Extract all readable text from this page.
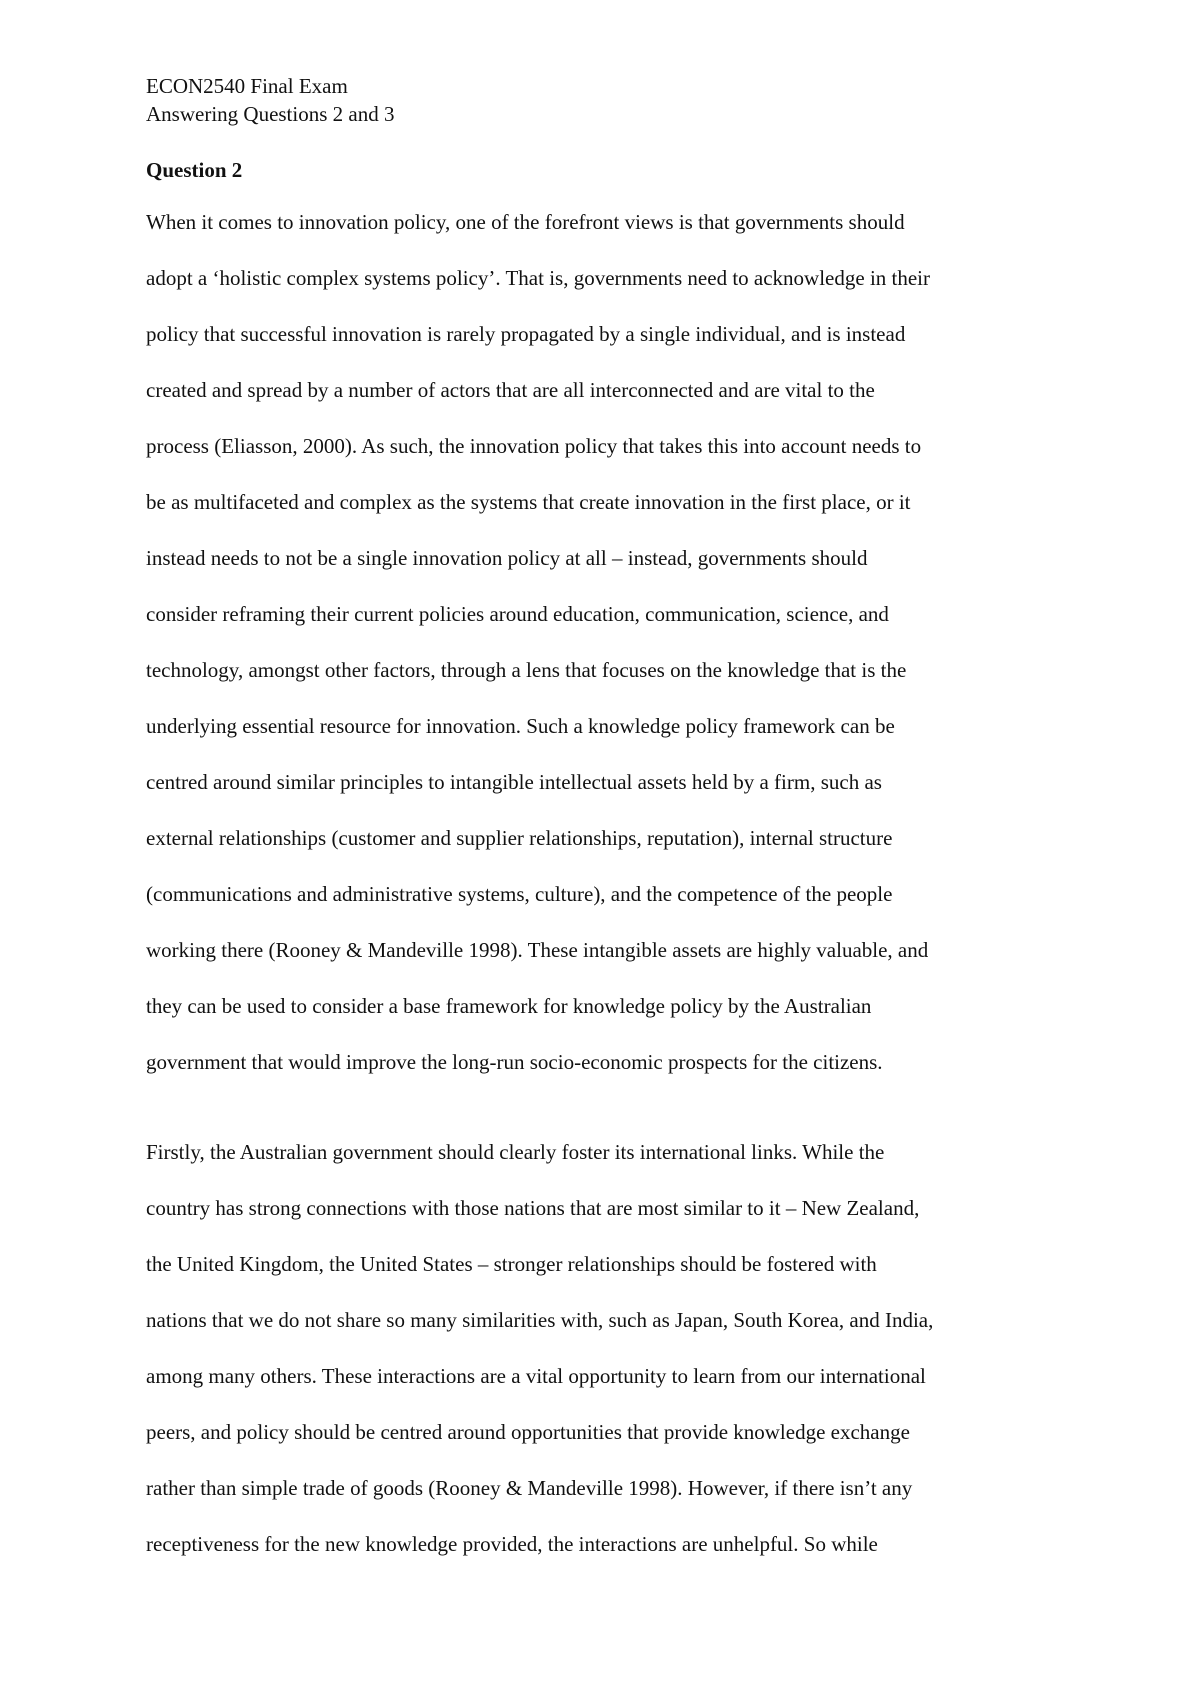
ECON2540 Final Exam
Answering Questions 2 and 3
Question 2
When it comes to innovation policy, one of the forefront views is that governments should
adopt a ‘holistic complex systems policy’. That is, governments need to acknowledge in their
policy that successful innovation is rarely propagated by a single individual, and is instead
created and spread by a number of actors that are all interconnected and are vital to the
process (Eliasson, 2000). As such, the innovation policy that takes this into account needs to
be as multifaceted and complex as the systems that create innovation in the first place, or it
instead needs to not be a single innovation policy at all – instead, governments should
consider reframing their current policies around education, communication, science, and
technology, amongst other factors, through a lens that focuses on the knowledge that is the
underlying essential resource for innovation. Such a knowledge policy framework can be
centred around similar principles to intangible intellectual assets held by a firm, such as
external relationships (customer and supplier relationships, reputation), internal structure
(communications and administrative systems, culture), and the competence of the people
working there (Rooney & Mandeville 1998). These intangible assets are highly valuable, and
they can be used to consider a base framework for knowledge policy by the Australian
government that would improve the long-run socio-economic prospects for the citizens.
Firstly, the Australian government should clearly foster its international links. While the
country has strong connections with those nations that are most similar to it – New Zealand,
the United Kingdom, the United States – stronger relationships should be fostered with
nations that we do not share so many similarities with, such as Japan, South Korea, and India,
among many others. These interactions are a vital opportunity to learn from our international
peers, and policy should be centred around opportunities that provide knowledge exchange
rather than simple trade of goods (Rooney & Mandeville 1998). However, if there isn’t any
receptiveness for the new knowledge provided, the interactions are unhelpful. So while
